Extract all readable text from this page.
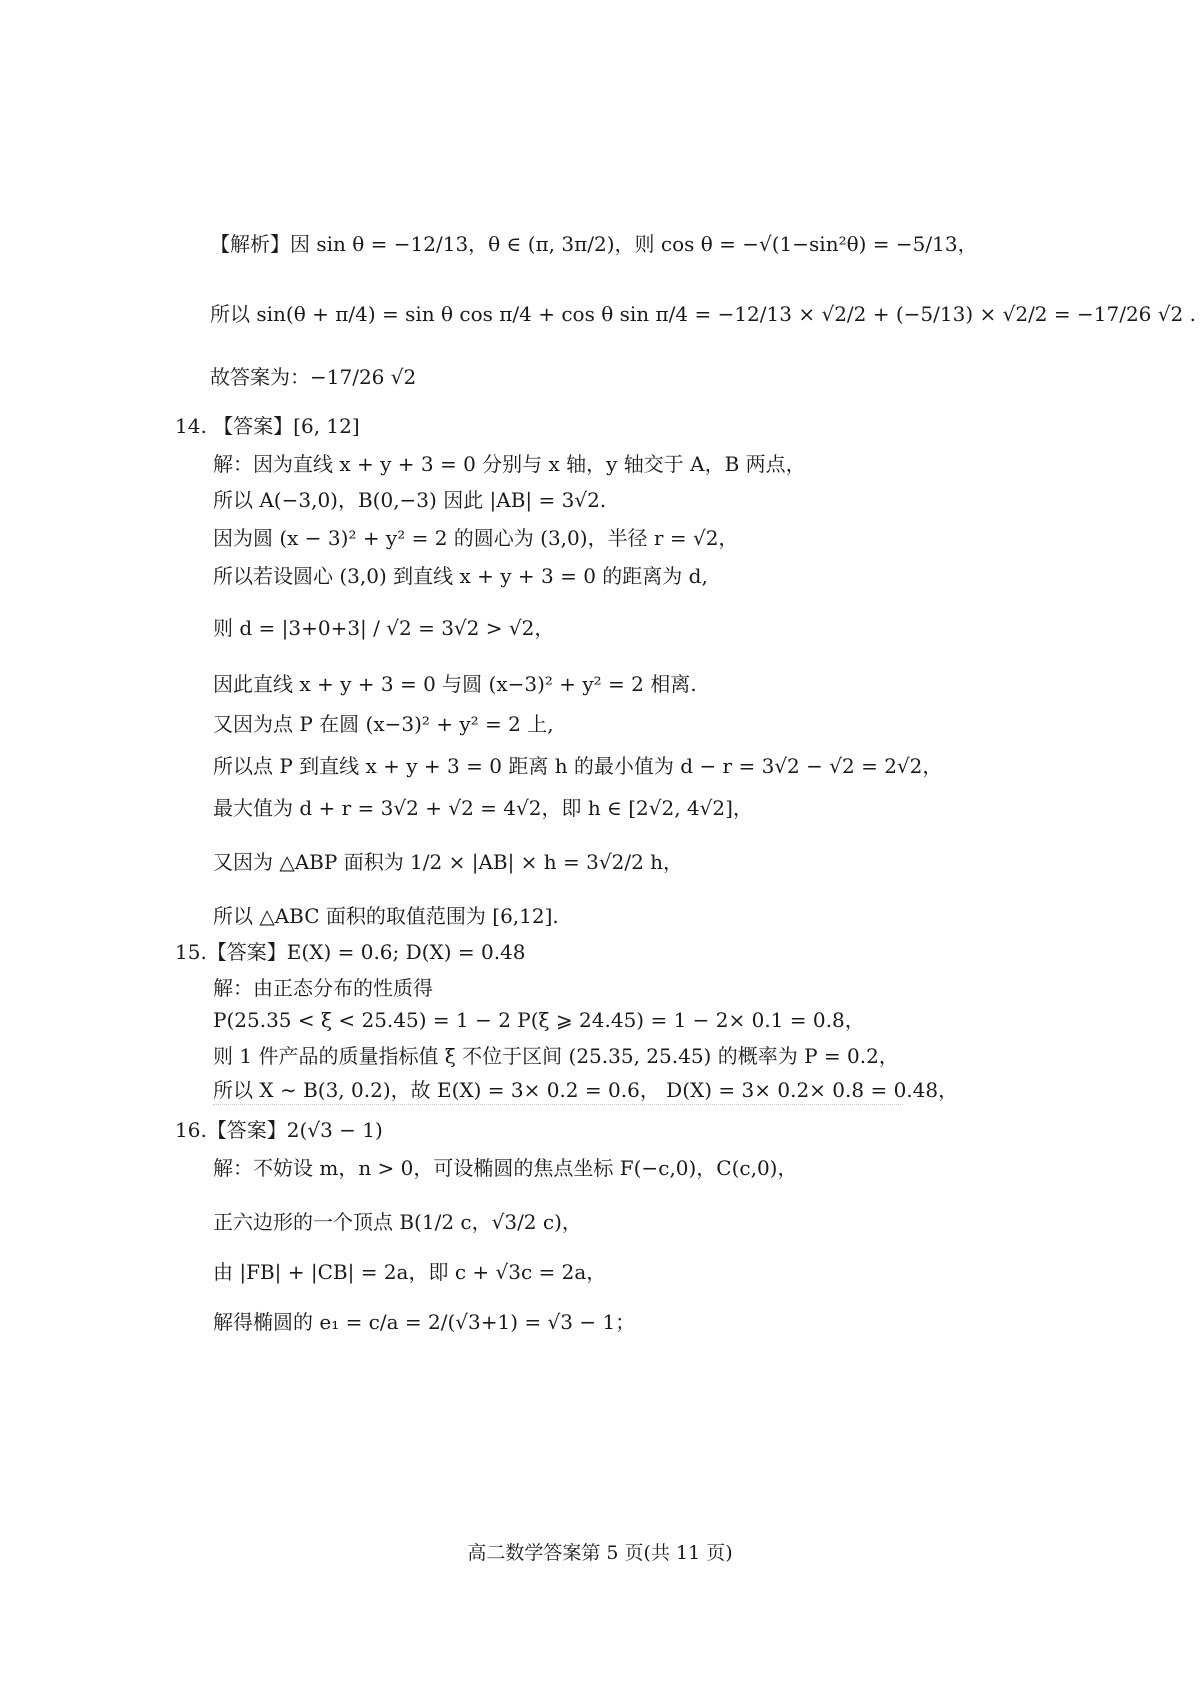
【解析】因 sin θ = −12/13，θ ∈ (π, 3π/2)，则 cos θ = −√(1−sin²θ) = −5/13，
所以 sin(θ + π/4) = sin θ cos π/4 + cos θ sin π/4 = −12/13 × √2/2 + (−5/13) × √2/2 = −17/26 √2 .
故答案为：−17/26 √2
14. 【答案】[6, 12]
解：因为直线 x + y + 3 = 0 分别与 x 轴，y 轴交于 A，B 两点，
所以 A(−3,0)，B(0,−3) 因此 |AB| = 3√2.
因为圆 (x − 3)² + y² = 2 的圆心为 (3,0)，半径 r = √2，
所以若设圆心 (3,0) 到直线 x + y + 3 = 0 的距离为 d,
则 d = |3+0+3| / √2 = 3√2 > √2，
因此直线 x + y + 3 = 0 与圆 (x−3)² + y² = 2 相离.
又因为点 P 在圆 (x−3)² + y² = 2 上,
所以点 P 到直线 x + y + 3 = 0 距离 h 的最小值为 d − r = 3√2 − √2 = 2√2，
最大值为 d + r = 3√2 + √2 = 4√2，即 h ∈ [2√2, 4√2]，
又因为 △ABP 面积为 1/2 × |AB| × h = 3√2/2 h，
所以 △ABC 面积的取值范围为 [6,12].
15.【答案】E(X) = 0.6; D(X) = 0.48
解：由正态分布的性质得
P(25.35 < ξ < 25.45) = 1 − 2 P(ξ ⩾ 24.45) = 1 − 2× 0.1 = 0.8，
则 1 件产品的质量指标值 ξ 不位于区间 (25.35, 25.45) 的概率为 P = 0.2，
所以 X ∼ B(3, 0.2)，故 E(X) = 3× 0.2 = 0.6， D(X) = 3× 0.2× 0.8 = 0.48，
16.【答案】2(√3 − 1)
解：不妨设 m，n > 0，可设椭圆的焦点坐标 F(−c,0)，C(c,0)，
正六边形的一个顶点 B(1/2 c，√3/2 c)，
由 |FB| + |CB| = 2a，即 c + √3c = 2a，
解得椭圆的 e₁ = c/a = 2/(√3+1) = √3 − 1；
高二数学答案第 5 页(共 11 页)
